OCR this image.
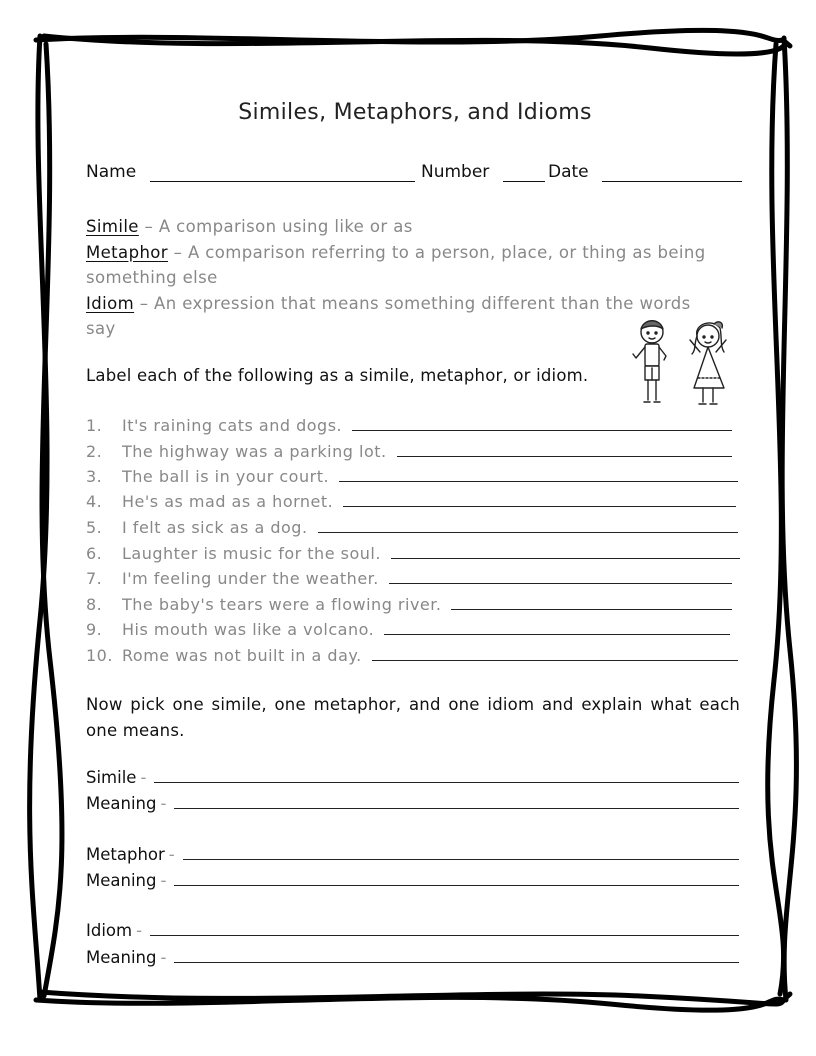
Similes, Metaphors, and Idioms
Name	Number	Date
Simile – A comparison using like or as
Metaphor – A comparison referring to a person, place, or thing as being
something else
Idiom – An expression that means something different than the words
say
Label each of the following as a simile, metaphor, or idiom.
1.	It's raining cats and dogs.
2.	The highway was a parking lot.
3.	The ball is in your court.
4.	He's as mad as a hornet.
5.	I felt as sick as a dog.
6.	Laughter is music for the soul.
7.	I'm feeling under the weather.
8.	The baby's tears were a flowing river.
9.	His mouth was like a volcano.
10. Rome was not built in a day.
Now pick one simile, one metaphor, and one idiom and explain what each one means.
Simile -
Meaning -
Metaphor -
Meaning -
Idiom -
Meaning -
